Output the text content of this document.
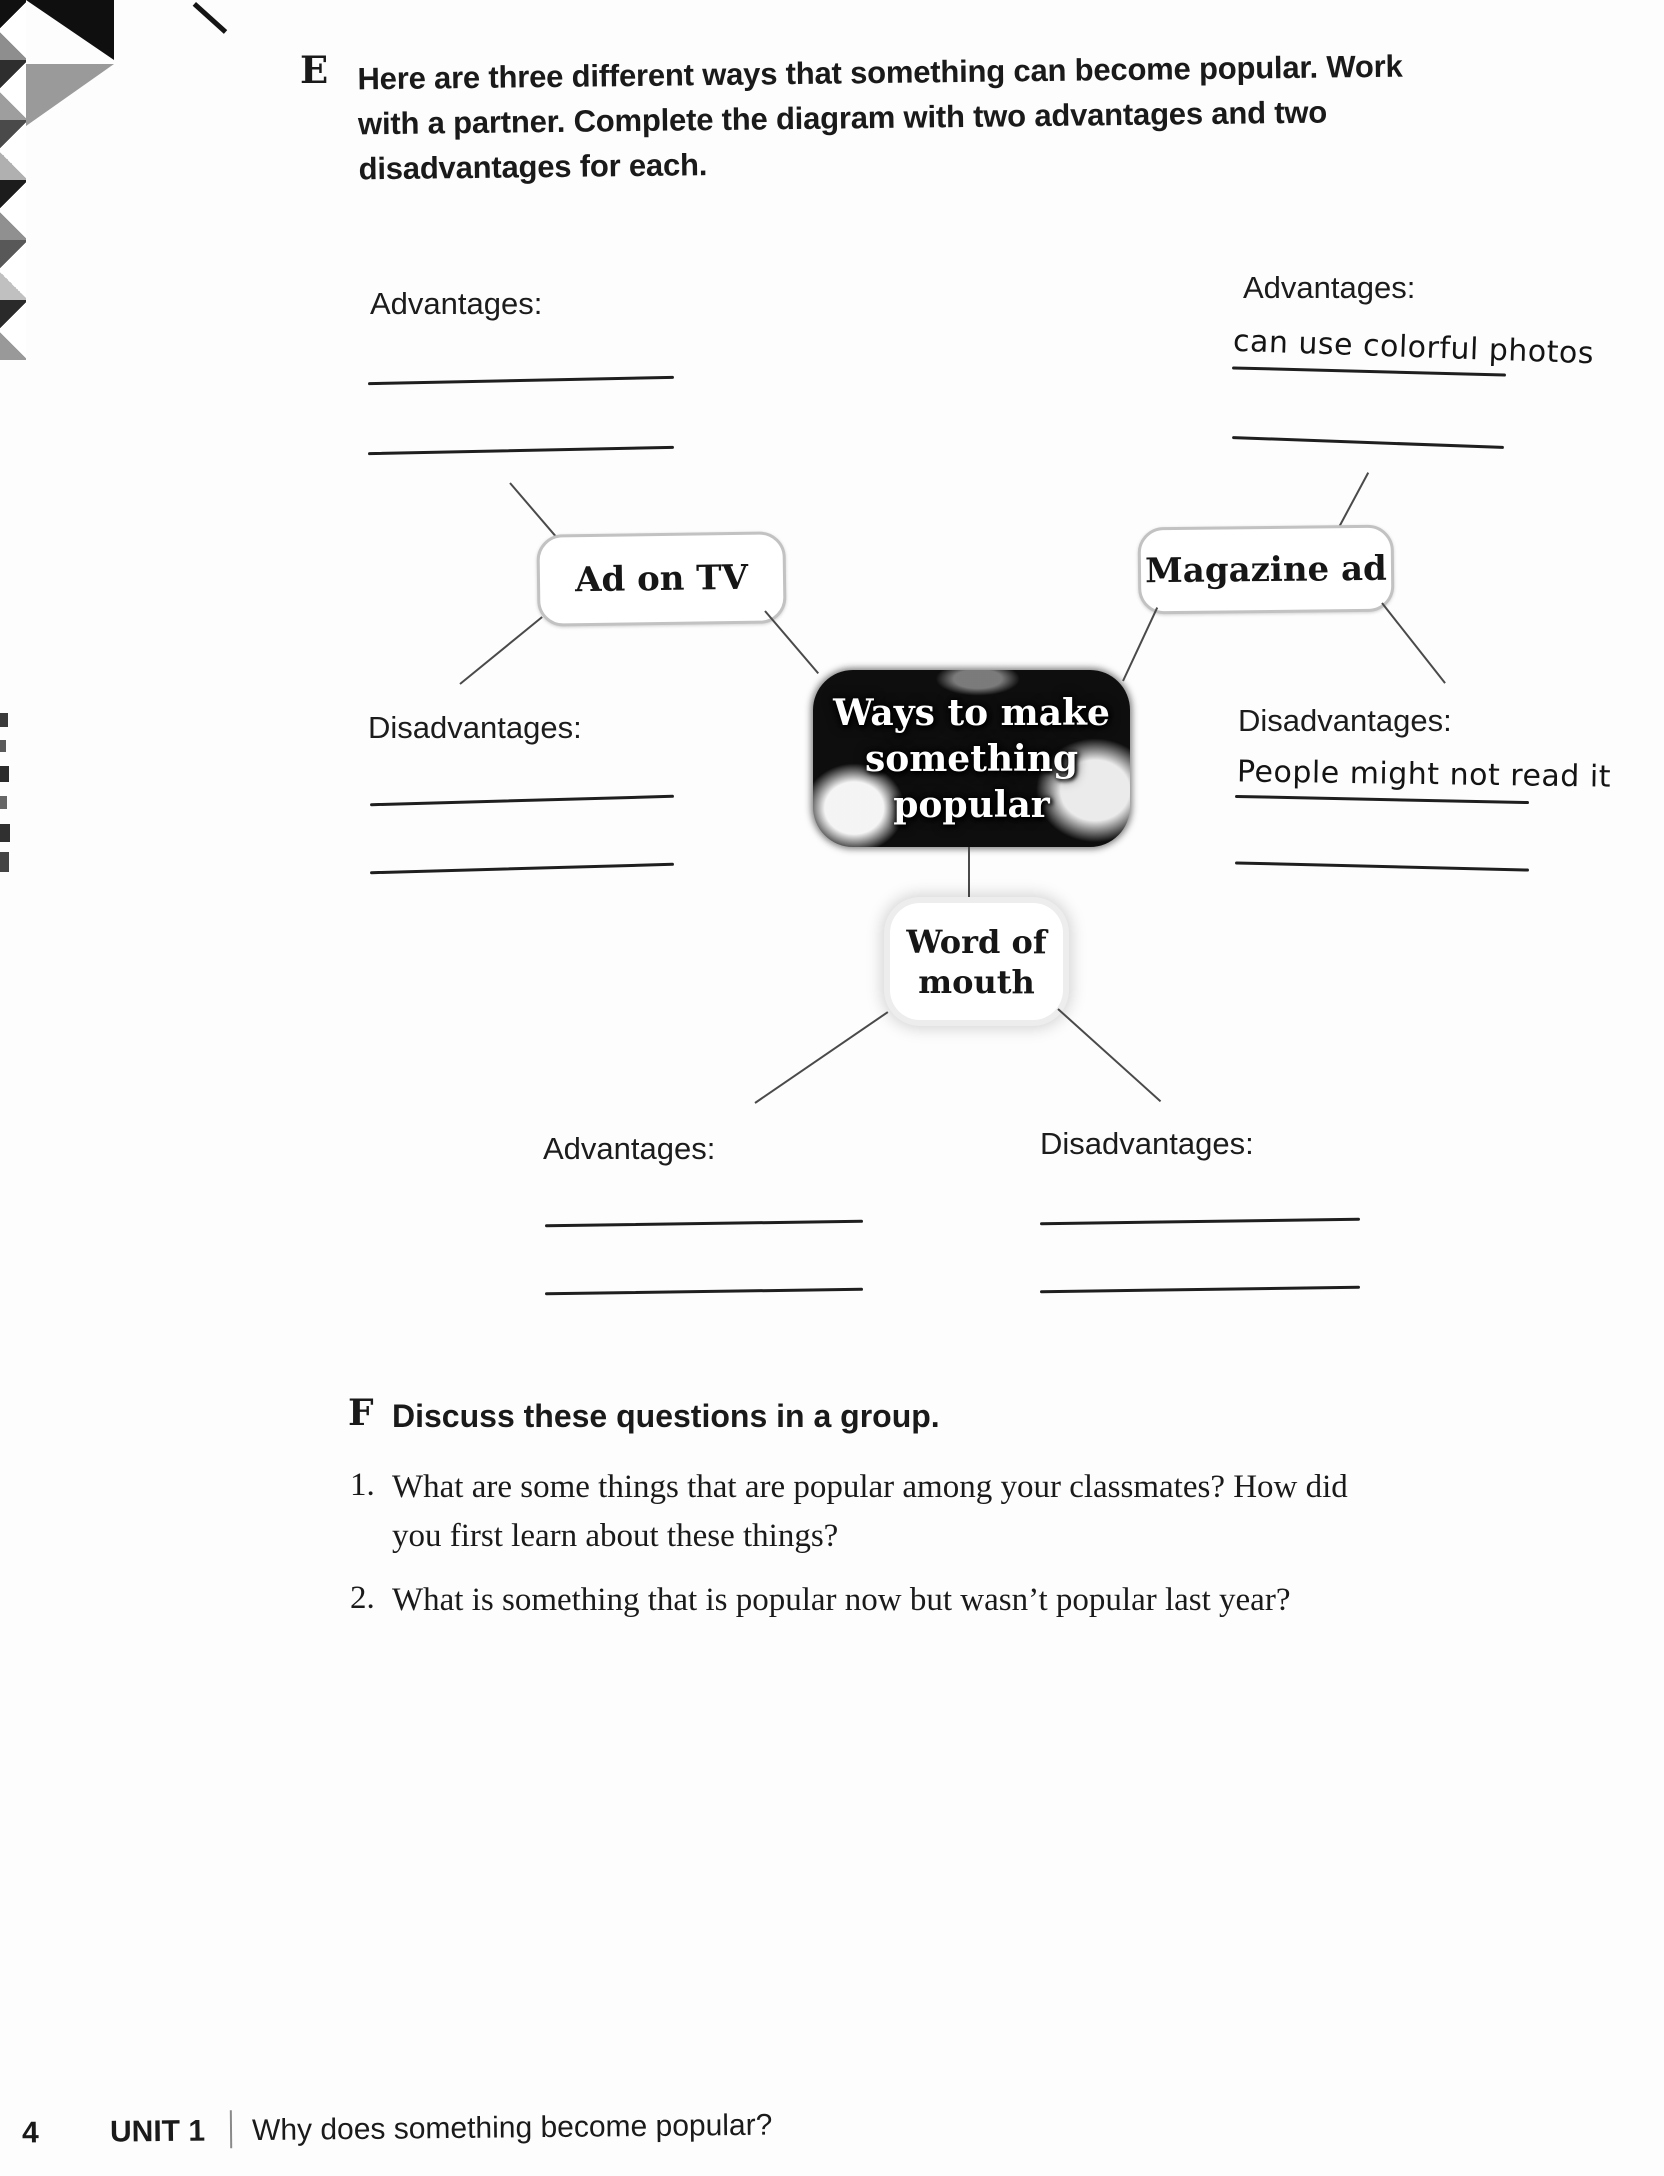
E Here are three different ways that something can become popular. Work
with a partner. Complete the diagram with two advantages and two
disadvantages for each.
Advantages:
Ad on TV
Disadvantages:	Ways to make
something
popular
Advantages:
can use colorful photos
Magazine ad
Disadvantages:
People might not read it
Word of
mouth
Advantages:	Disadvantages:
F Discuss these questions in a group.
1. What are some things that are popular among your classmates? How did
you first learn about these things?
2. What is something that is popular now but wasn’t popular last year?
4 UNIT 1 Why does something become popular?
